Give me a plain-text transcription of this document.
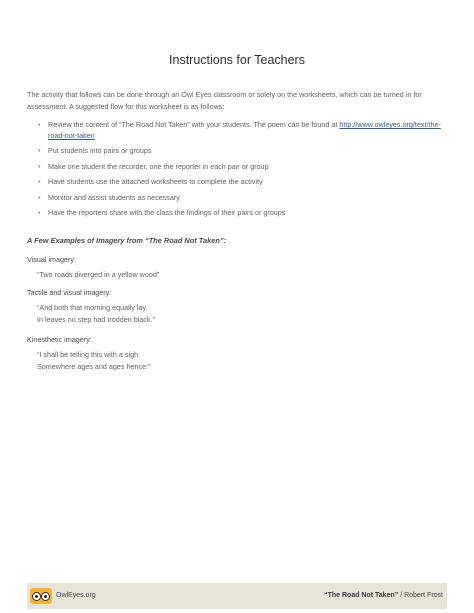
Instructions for Teachers
The activity that follows can be done through an Owl Eyes classroom or solely on the worksheets, which can be turned in for assessment. A suggested flow for this worksheet is as follows:
• Review the content of “The Road Not Taken” with your students. The poem can be found at http://www.owleyes.org/text/the-road-not-taken
• Put students into pairs or groups
• Make one student the recorder, one the reporter in each pair or group
• Have students use the attached worksheets to complete the activity
• Monitor and assist students as necessary
• Have the reporters share with the class the findings of their pairs or groups
A Few Examples of Imagery from “The Road Not Taken”:
Visual imagery:
“Two roads diverged in a yellow wood”
Tactile and visual imagery:
“And both that morning equally lay
In leaves no step had trodden black.”
Kinesthetic imagery:
“I shall be telling this with a sigh
Somewhere ages and ages hence:”
OwlEyes.org	“The Road Not Taken” / Robert Frost
